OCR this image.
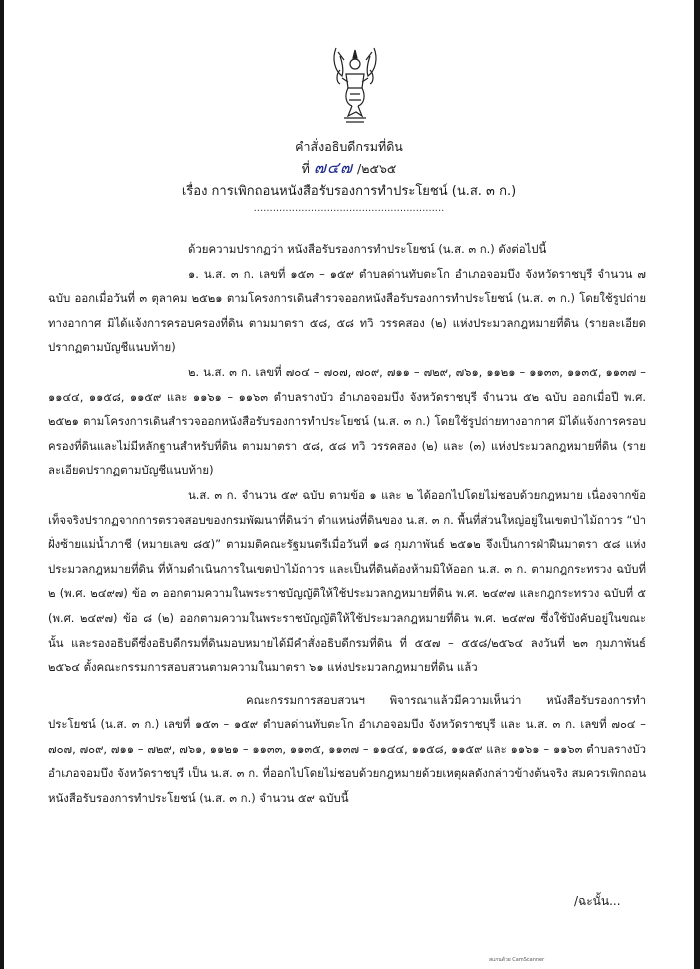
คำสั่งอธิบดีกรมที่ดิน
ที่ ๗๔๗ /๒๕๖๕
เรื่อง การเพิกถอนหนังสือรับรองการทำประโยชน์ (น.ส. ๓ ก.)
............................................................

ด้วยความปรากฏว่า หนังสือรับรองการทำประโยชน์ (น.ส. ๓ ก.) ดังต่อไปนี้

๑. น.ส. ๓ ก. เลขที่ ๑๕๓ – ๑๕๙ ตำบลด่านทับตะโก อำเภอจอมบึง จังหวัดราชบุรี จำนวน ๗ ฉบับ ออกเมื่อวันที่ ๓ ตุลาคม ๒๕๒๑ ตามโครงการเดินสำรวจออกหนังสือรับรองการทำประโยชน์ (น.ส. ๓ ก.) โดยใช้รูปถ่ายทางอากาศ มิได้แจ้งการครอบครองที่ดิน ตามมาตรา ๕๘, ๕๘ ทวิ วรรคสอง (๒) แห่งประมวลกฎหมายที่ดิน (รายละเอียดปรากฏตามบัญชีแนบท้าย)

๒. น.ส. ๓ ก. เลขที่ ๗๐๔ – ๗๐๗, ๗๐๙, ๗๑๑ – ๗๒๙, ๗๖๑, ๑๑๒๑ – ๑๑๓๓, ๑๑๓๕, ๑๑๓๗ – ๑๑๔๔, ๑๑๕๘, ๑๑๕๙ และ ๑๑๖๑ – ๑๑๖๓ ตำบลรางบัว อำเภอจอมบึง จังหวัดราชบุรี จำนวน ๕๒ ฉบับ ออกเมื่อปี พ.ศ. ๒๕๒๑ ตามโครงการเดินสำรวจออกหนังสือรับรองการทำประโยชน์ (น.ส. ๓ ก.) โดยใช้รูปถ่ายทางอากาศ มิได้แจ้งการครอบครองที่ดินและไม่มีหลักฐานสำหรับที่ดิน ตามมาตรา ๕๘, ๕๘ ทวิ วรรคสอง (๒) และ (๓) แห่งประมวลกฎหมายที่ดิน (รายละเอียดปรากฏตามบัญชีแนบท้าย)

น.ส. ๓ ก. จำนวน ๕๙ ฉบับ ตามข้อ ๑ และ ๒ ได้ออกไปโดยไม่ชอบด้วยกฎหมาย เนื่องจากข้อเท็จจริงปรากฏจากการตรวจสอบของกรมพัฒนาที่ดินว่า ตำแหน่งที่ดินของ น.ส. ๓ ก. พื้นที่ส่วนใหญ่อยู่ในเขตป่าไม้ถาวร “ป่าฝั่งซ้ายแม่น้ำภาชี (หมายเลข ๘๕)” ตามมติคณะรัฐมนตรีเมื่อวันที่ ๑๘ กุมภาพันธ์ ๒๕๑๒ จึงเป็นการฝ่าฝืนมาตรา ๕๘ แห่งประมวลกฎหมายที่ดิน ที่ห้ามดำเนินการในเขตป่าไม้ถาวร และเป็นที่ดินต้องห้ามมิให้ออก น.ส. ๓ ก. ตามกฎกระทรวง ฉบับที่ ๒ (พ.ศ. ๒๔๙๗) ข้อ ๓ ออกตามความในพระราชบัญญัติให้ใช้ประมวลกฎหมายที่ดิน พ.ศ. ๒๔๙๗ และกฎกระทรวง ฉบับที่ ๕ (พ.ศ. ๒๔๙๗) ข้อ ๘ (๒) ออกตามความในพระราชบัญญัติให้ใช้ประมวลกฎหมายที่ดิน พ.ศ. ๒๔๙๗ ซึ่งใช้บังคับอยู่ในขณะนั้น และรองอธิบดีซึ่งอธิบดีกรมที่ดินมอบหมายได้มีคำสั่งอธิบดีกรมที่ดิน ที่ ๕๕๗ – ๕๕๘/๒๕๖๔ ลงวันที่ ๒๓ กุมภาพันธ์ ๒๕๖๔ ตั้งคณะกรรมการสอบสวนตามความในมาตรา ๖๑ แห่งประมวลกฎหมายที่ดิน แล้ว

คณะกรรมการสอบสวนฯ พิจารณาแล้วมีความเห็นว่า หนังสือรับรองการทำประโยชน์ (น.ส. ๓ ก.) เลขที่ ๑๕๓ – ๑๕๙ ตำบลด่านทับตะโก อำเภอจอมบึง จังหวัดราชบุรี และ น.ส. ๓ ก. เลขที่ ๗๐๔ – ๗๐๗, ๗๐๙, ๗๑๑ – ๗๒๙, ๗๖๑, ๑๑๒๑ – ๑๑๓๓, ๑๑๓๕, ๑๑๓๗ – ๑๑๔๔, ๑๑๕๘, ๑๑๕๙ และ ๑๑๖๑ – ๑๑๖๓ ตำบลรางบัว อำเภอจอมบึง จังหวัดราชบุรี เป็น น.ส. ๓ ก. ที่ออกไปโดยไม่ชอบด้วยกฎหมายด้วยเหตุผลดังกล่าวข้างต้นจริง สมควรเพิกถอนหนังสือรับรองการทำประโยชน์ (น.ส. ๓ ก.) จำนวน ๕๙ ฉบับนี้

/ฉะนั้น...
สแกนด้วย CamScanner
